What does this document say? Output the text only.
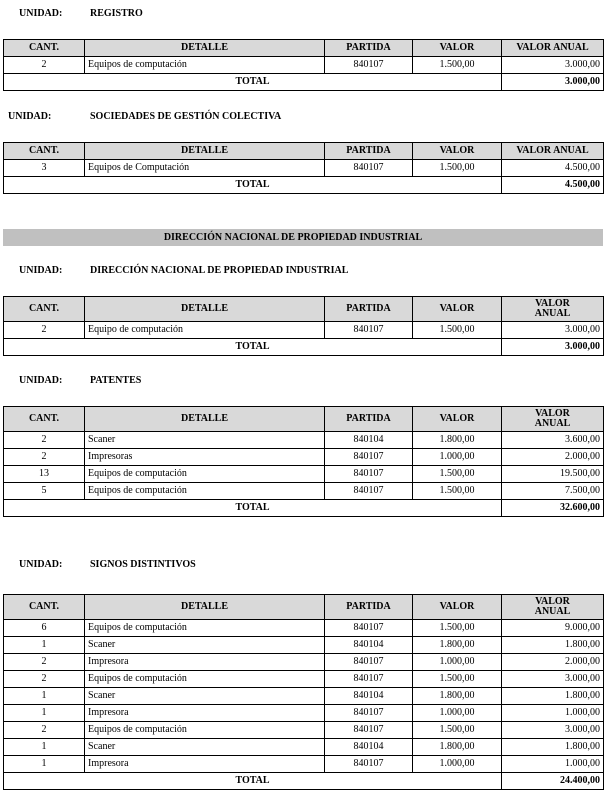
UNIDAD:	REGISTRO
CANT.	DETALLE	PARTIDA	VALOR	VALOR ANUAL
2	Equipos de computación	840107	1.500,00	3.000,00
TOTAL				3.000,00
UNIDAD:	SOCIEDADES DE GESTIÓN COLECTIVA
CANT.	DETALLE	PARTIDA	VALOR	VALOR ANUAL
3	Equipos de Computación	840107	1.500,00	4.500,00
TOTAL				4.500,00
DIRECCIÓN NACIONAL DE PROPIEDAD INDUSTRIAL
UNIDAD:	DIRECCIÓN NACIONAL DE PROPIEDAD INDUSTRIAL
CANT.	DETALLE	PARTIDA	VALOR	VALOR
ANUAL
2	Equipo de computación	840107	1.500,00	3.000,00
TOTAL				3.000,00
UNIDAD:	PATENTES
CANT.	DETALLE	PARTIDA	VALOR	VALOR
ANUAL
2	Scaner	840104	1.800,00	3.600,00
2	Impresoras	840107	1.000,00	2.000,00
13	Equipos de computación	840107	1.500,00	19.500,00
5	Equipos de computación	840107	1.500,00	7.500,00
TOTAL				32.600,00
UNIDAD:	SIGNOS DISTINTIVOS
CANT.	DETALLE	PARTIDA	VALOR	VALOR
ANUAL
6	Equipos de computación	840107	1.500,00	9.000,00
1	Scaner	840104	1.800,00	1.800,00
2	Impresora	840107	1.000,00	2.000,00
2	Equipos de computación	840107	1.500,00	3.000,00
1	Scaner	840104	1.800,00	1.800,00
1	Impresora	840107	1.000,00	1.000,00
2	Equipos de computación	840107	1.500,00	3.000,00
1	Scaner	840104	1.800,00	1.800,00
1	Impresora	840107	1.000,00	1.000,00
TOTAL				24.400,00
